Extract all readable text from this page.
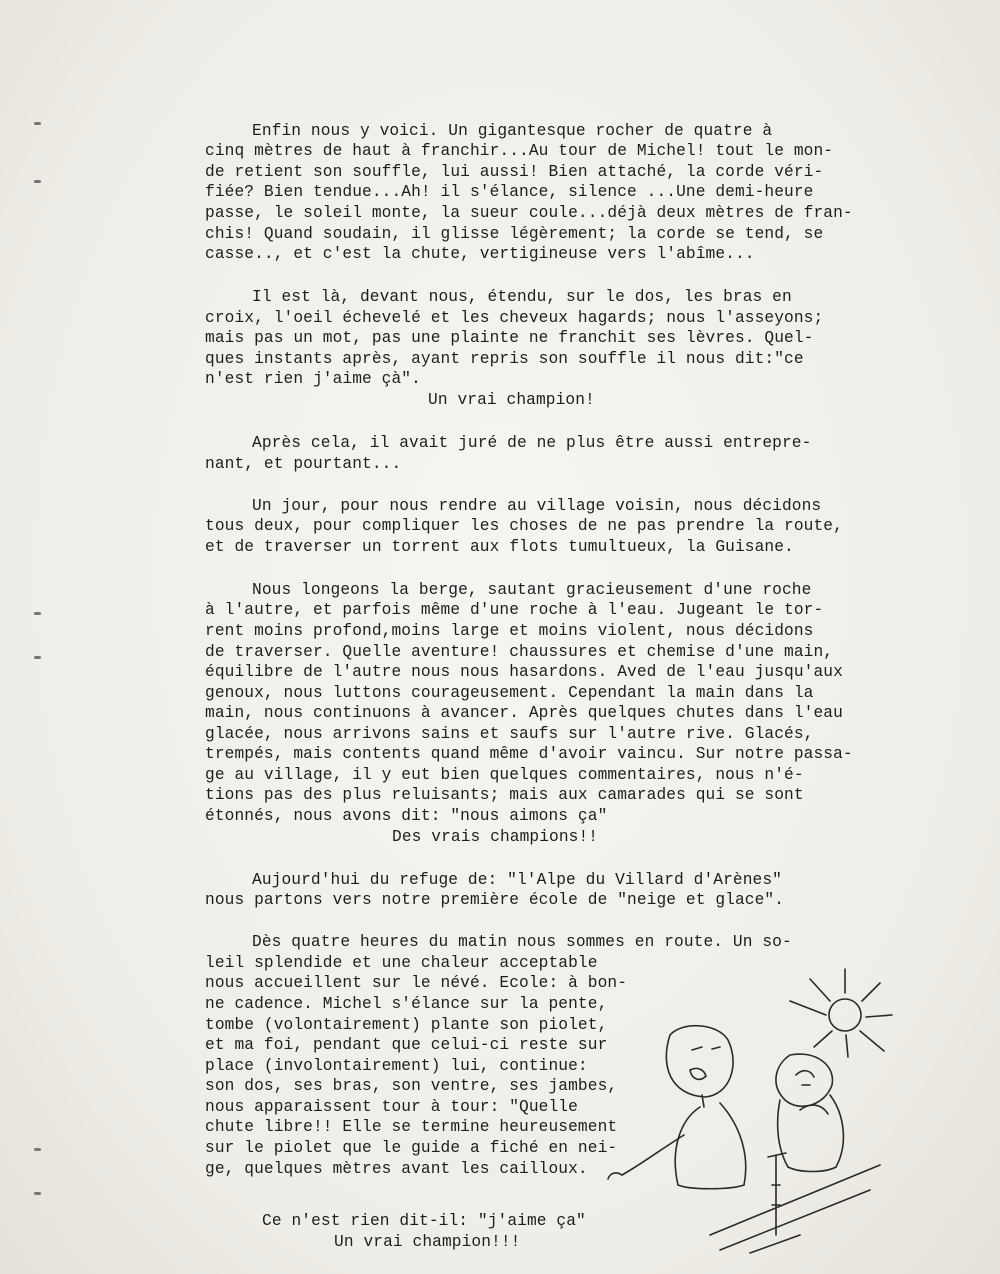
Enfin nous y voici. Un gigantesque rocher de quatre à
cinq mètres de haut à franchir...Au tour de Michel! tout le mon-
de retient son souffle, lui aussi! Bien attaché, la corde véri-
fiée? Bien tendue...Ah! il s'élance, silence ...Une demi-heure
passe, le soleil monte, la sueur coule...déjà deux mètres de fran-
chis! Quand soudain, il glisse légèrement; la corde se tend, se
casse.., et c'est la chute, vertigineuse vers l'abîme...
Il est là, devant nous, étendu, sur le dos, les bras en
croix, l'oeil échevelé et les cheveux hagards; nous l'asseyons;
mais pas un mot, pas une plainte ne franchit ses lèvres. Quel-
ques instants après, ayant repris son souffle il nous dit:"ce
n'est rien j'aime çà".
Un vrai champion!
Après cela, il avait juré de ne plus être aussi entrepre-
nant, et pourtant...
Un jour, pour nous rendre au village voisin, nous décidons
tous deux, pour compliquer les choses de ne pas prendre la route,
et de traverser un torrent aux flots tumultueux, la Guisane.
Nous longeons la berge, sautant gracieusement d'une roche
à l'autre, et parfois même d'une roche à l'eau. Jugeant le tor-
rent moins profond,moins large et moins violent, nous décidons
de traverser. Quelle aventure! chaussures et chemise d'une main,
équilibre de l'autre nous nous hasardons. Aved de l'eau jusqu'aux
genoux, nous luttons courageusement. Cependant la main dans la
main, nous continuons à avancer. Après quelques chutes dans l'eau
glacée, nous arrivons sains et saufs sur l'autre rive. Glacés,
trempés, mais contents quand même d'avoir vaincu. Sur notre passa-
ge au village, il y eut bien quelques commentaires, nous n'é-
tions pas des plus reluisants; mais aux camarades qui se sont
étonnés, nous avons dit: "nous aimons ça"
Des vrais champions!!
Aujourd'hui du refuge de: "l'Alpe du Villard d'Arènes"
nous partons vers notre première école de "neige et glace".
Dès quatre heures du matin nous sommes en route. Un so-
leil splendide et une chaleur acceptable
nous accueillent sur le névé. Ecole: à bon-
ne cadence. Michel s'élance sur la pente,
tombe (volontairement) plante son piolet,
et ma foi, pendant que celui-ci reste sur
place (involontairement) lui, continue:
son dos, ses bras, son ventre, ses jambes,
nous apparaissent tour à tour: "Quelle
chute libre!! Elle se termine heureusement
sur le piolet que le guide a fiché en nei-
ge, quelques mètres avant les cailloux.
Ce n'est rien dit-il: "j'aime ça"
Un vrai champion!!!
